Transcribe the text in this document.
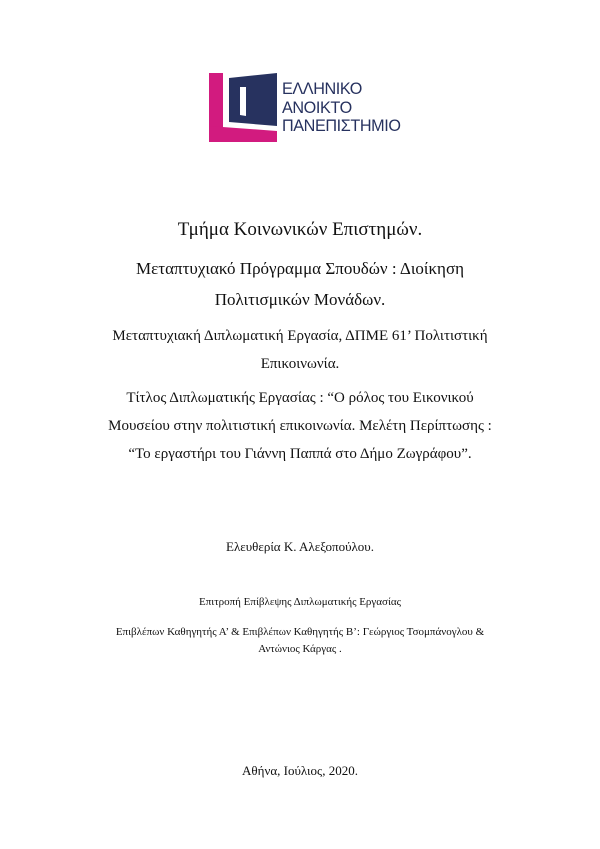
ΕΛΛΗΝΙΚΟ
ΑΝΟΙΚΤΟ
ΠΑΝΕΠΙΣΤΗΜΙΟ
Τμήμα Κοινωνικών Επιστημών.
Μεταπτυχιακό Πρόγραμμα Σπουδών : Διοίκηση
Πολιτισμικών Μονάδων.
Μεταπτυχιακή Διπλωματική Εργασία, ΔΠΜΕ 61’ Πολιτιστική
Επικοινωνία.
Τίτλος Διπλωματικής Εργασίας : “Ο ρόλος του Εικονικού
Μουσείου στην πολιτιστική επικοινωνία. Μελέτη Περίπτωσης :
“Το εργαστήρι του Γιάννη Παππά στο Δήμο Ζωγράφου”.
Ελευθερία Κ. Αλεξοπούλου.
Επιτροπή Επίβλεψης Διπλωματικής Εργασίας
Επιβλέπων Καθηγητής Α’ & Επιβλέπων Καθηγητής Β’: Γεώργιος Τσομπάνογλου &
Αντώνιος Κάργας .
Αθήνα, Ιούλιος, 2020.
